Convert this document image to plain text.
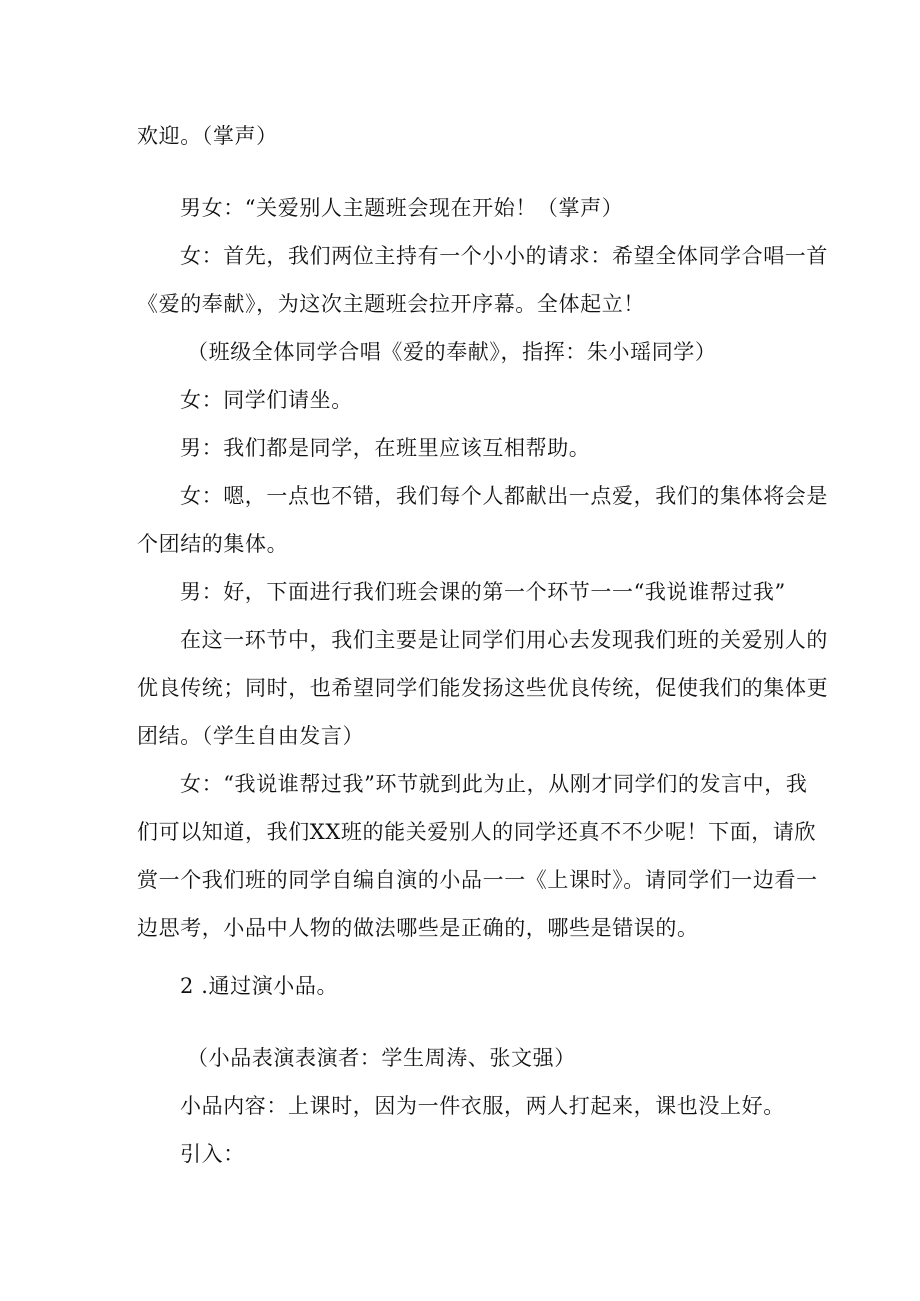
欢迎。（掌声）
男女：“关爱别人主题班会现在开始！（掌声）
女：首先，我们两位主持有一个小小的请求：希望全体同学合唱一首
《爱的奉献》，为这次主题班会拉开序幕。全体起立！
（班级全体同学合唱《爱的奉献》，指挥：朱小瑶同学）
女：同学们请坐。
男：我们都是同学，在班里应该互相帮助。
女：嗯，一点也不错，我们每个人都献出一点爱，我们的集体将会是
个团结的集体。
男：好，下面进行我们班会课的第一个环节一一“我说谁帮过我”
在这一环节中，我们主要是让同学们用心去发现我们班的关爱别人的
优良传统；同时，也希望同学们能发扬这些优良传统，促使我们的集体更
团结。（学生自由发言）
女：“我说谁帮过我”环节就到此为止，从刚才同学们的发言中，我
们可以知道，我们XX班的能关爱别人的同学还真不不少呢！下面，请欣
赏一个我们班的同学自编自演的小品一一《上课时》。请同学们一边看一
边思考，小品中人物的做法哪些是正确的，哪些是错误的。
2 .通过演小品。
（小品表演表演者：学生周涛、张文强）
小品内容：上课时，因为一件衣服，两人打起来，课也没上好。
引入：
